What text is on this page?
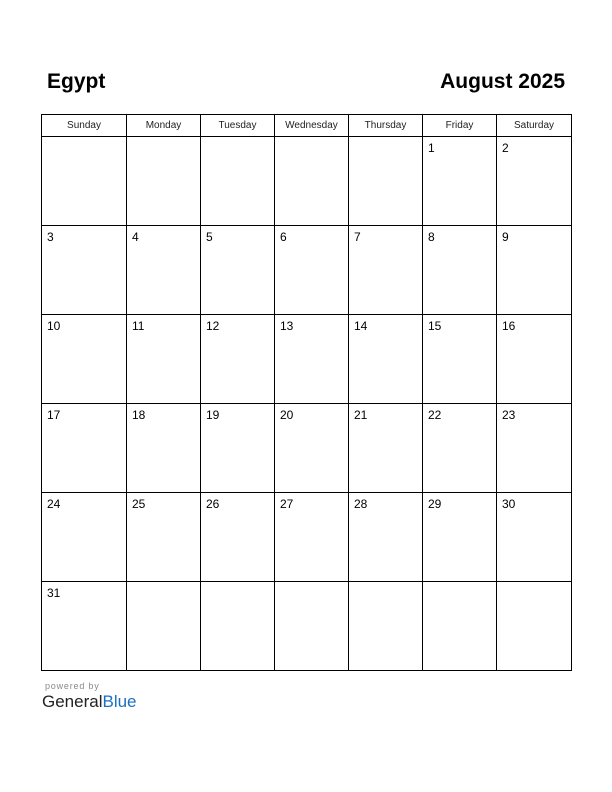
Egypt	August 2025
Sunday	Monday	Tuesday	Wednesday	Thursday	Friday	Saturday

					1	2

3	4	5	6	7	8	9

10	11	12	13	14	15	16

17	18	19	20	21	22	23

24	25	26	27	28	29	30

31						

powered by
GeneralBlue
